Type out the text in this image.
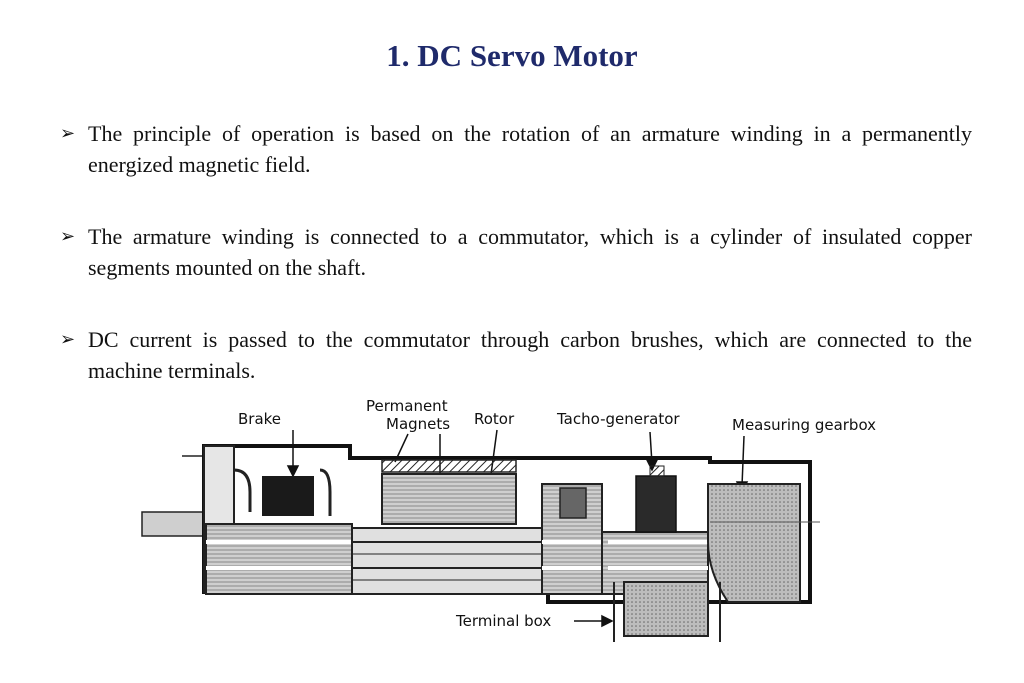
1. DC Servo Motor
➢ The principle of operation is based on the rotation of an armature winding in a permanently energized magnetic field.
➢ The armature winding is connected to a commutator, which is a cylinder of insulated copper segments mounted on the shaft.
➢ DC current is passed to the commutator through carbon brushes, which are connected to the machine terminals.
Brake
Permanent
Magnets Rotor	Tacho-generator	Measuring gearbox
Terminal box
